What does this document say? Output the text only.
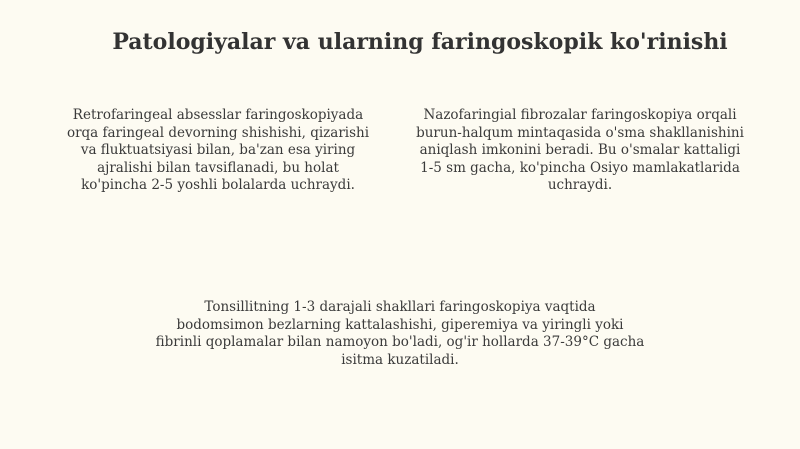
Patologiyalar va ularning faringoskopik ko'rinishi
Retrofaringeal absesslar faringoskopiyada
orqa faringeal devorning shishishi, qizarishi
va fluktuatsiyasi bilan, ba'zan esa yiring
ajralishi bilan tavsiflanadi, bu holat
ko'pincha 2-5 yoshli bolalarda uchraydi.
Nazofaringial fibrozalar faringoskopiya orqali
burun-halqum mintaqasida o'sma shakllanishini
aniqlash imkonini beradi. Bu o'smalar kattaligi
1-5 sm gacha, ko'pincha Osiyo mamlakatlarida
uchraydi.
Tonsillitning 1-3 darajali shakllari faringoskopiya vaqtida
bodomsimon bezlarning kattalashishi, giperemiya va yiringli yoki
fibrinli qoplamalar bilan namoyon bo'ladi, og'ir hollarda 37-39°C gacha
isitma kuzatiladi.
